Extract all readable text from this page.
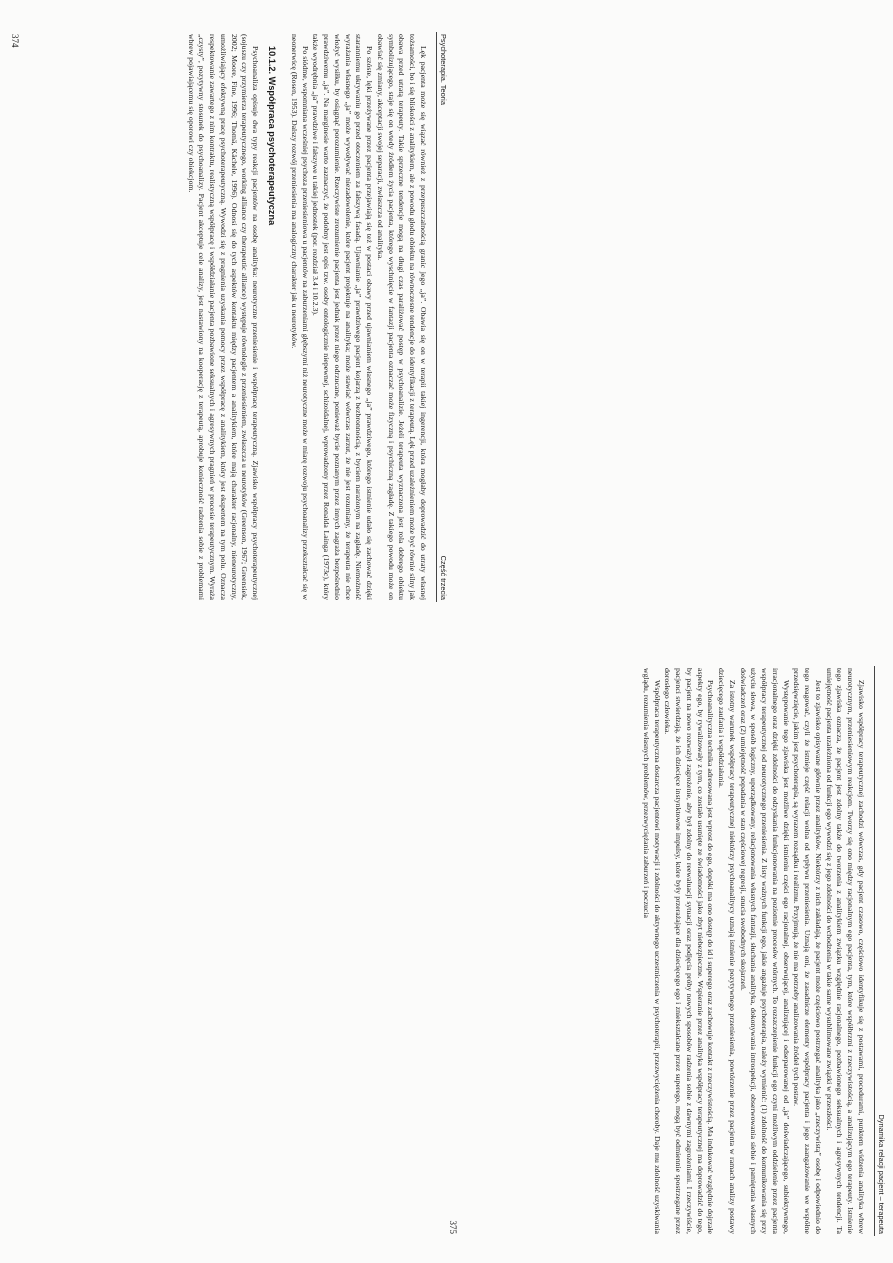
Psychoterapia. Teoria
Część trzecia

Lęk pacjenta może się wiązać również z przepuszczalnością granic jego „ja”. Obawia się on w terapii takiej ingerencji, która mogłaby doprowadzić do utraty własnej tożsamości, bo i się bliskości z analitykiem, ale z powodu głodu obiektu na równoczesne tendencje do identyfikacji z terapeutą. Lęk przed uzależnieniem może być równie silny jak obawa przed utratą terapeuty. Takie sprzeczne tendencje mogą na długi czas paraliżować postęp w psychoanalizie. Jeżeli terapeuta wyznaczona jest rola dobrego obiektu symbolizującego, staje się on wtedy źródłem życia pacjenta, którego wyschnięcie w fantazji pacjenta oznaczać może fizyczną i psychiczną zagładę. Z takiego powodu może on obawiać się zmiany, akceptacji swojej separacji, zwłaszcza od analityka.

Po szóste, lęki przeżywane przez pacjenta przejawiają się też w postaci obawy przed ujawnianiem własnego „ja” prawdziwego, którego istnienie udało się zachować dzięki staranniemu ukrywaniu go przed otoczeniem za fałszywą fasadą. Ujawnianie „ja” prawdziwego pacjent kojarzą z bezbronnością, z byciem narażonym na zagładę. Niemożność wyrażania własnego „ja” może wywoływać niezadowolenie, które pacjent projektuje na analityka; może stawiać wówczas zarzut, że nie jest rozumiany, że terapeuta nie chce włożyć wysiłku, by osiągnąć porozumienie. Rzeczywiste zrozumienie pacjenta jest jednak przez niego odrzucane, ponieważ bycie poznanym przez innych zagraża bezpośrednio prawdziwemu „ja”. Na marginesie warto zaznaczyć, że podobny jest opis tzw. osoby ontologicznie niepewnej, schizoidalnej, wprowadzony przez Ronalda Lainga (1973c), który także wyodrębnia „ja” prawdziwe i fałszywe u takiej jednostek (por. rozdział 3.4 i 10.2.3).

Po siódme, wspomniana wcześniej psychoza przeniesieniowa u pacjentów na zaburzeniami głębszymi niż neurotyczne może w miarę rozwoju psychoanalizy przekształcać się w neonerwicę (Rosen, 1953). Dalszy rozwój przeniesienia ma analogiczny charakter jak u neurotyków.

10.1.2. Współpraca psychoterapeutyczna

Psychoanaliza opisuje dwa typy reakcji pacjentów na osobę analityka: neurotyczne przeniesienie i współpracę terapeutyczną. Zjawisko współpracy psychoterapeutycznej (sojuszu czy przymierza terapeutycznego, working alliance czy therapeutic alliance) występuje równolegle z przeniesieniem, zwłaszcza u neurotyków (Greenson, 1967; Greensiek, 2002; Moore, Fine, 1996; Thomä, Kächele, 1996). Odnosi się do tych aspektów kontaktu między pacjentem a analitykiem, które mają charakter racjonalny, nieneurotyczny, umożliwiający efektywną pracę psychoterapeutyczną. Wywodzi się z pragnienia uzyskania pomocy przez współpracę z analitykiem, który jest ekspertem na tym polu. Oznacza respektowanie zawartego z nim kontraktu, realistyczną współpracę i współdziałanie pacjenta pozbawione seksualnych i agresywnych pragnień w procesie terapeutycznym. Wyraża „czysty”, pozytywny stosunek do psychoanalizy. Pacjent akceptuje cele analizy, jest nastawiony na kooperację z terapeutą, aprobuje konieczność radzenia sobie z problemami wbrew pojawiającemu się oporowi czy obiekcjom.

374
Dynamika relacji pacjent – terapeuta

Zjawisko współpracy terapeutycznej zachodzi wówczas, gdy pacjent czasowo, częściowo identyfikuje się z postawami, procedurami, punktem widzenia analityka wbrew neurotycznym, przeniesieniowym reakcjom. Tworzy się ono między racjonalnym ego pacjenta, tym, które współbrzmi z rzeczywistością, a analizującym ego terapeuty. Istnienie tego zjawiska oznacza, że pacjent jest zdolny także do tworzenia z analitykiem związku względnie racjonalnego, pozbawionego seksualnych i agresywnych tendencji. Ta umiejętność pacjenta uzależniona od funkcji ego wywodzi się z jego zdolności do wchodzenia w takie same wysublimowane związki w przeszłości.

Jest to zjawisko opisywane głównie przez analityków. Niektórzy z nich zakładają, że pacjent może częściowo postrzegać analityka jako „rzeczywistą” osobę i odpowiednio do tego reagować, czyli że istnieje część relacji wolna od wpływu przeniesienia. Uznają oni, że zasadnicze elementy współpracy pacjenta i jego zaangażowanie we współne przedsięwzięcie, jakim jest psychoterapia, są wyrazem rozsądku i realizmu. Przyjmują, że nie ma potrzeby analizowania źródeł tych postaw.

Występowanie tego zjawiska jest możliwe dzięki istnieniu części ego racjonalnej, obserwującej, analizującej i odseparowanej od „ja” doświadczającego, subiektywnego, irracjonalnego oraz dzięki zdolności do odzyskania funkcjonowania na poziomie procesów wtórnych. To rozszczepienie funkcji ego czyni możliwym oddzielenie przez pacjenta współpracy terapeutycznej od neurotycznego przeniesienia. Z listy ważnych funkcji ego, jakie angażuje psychoterapia, należy wymienić: (1) zdolność do komunikowania się przy użyciu słowa, w sposób logiczny, uporządkowany, relacjonowania własnych fantazji, słuchania analityka, dokonywania introspekcji, obserwowania siebie i pamiętania własnych doświadczeń oraz (2) umiejętność popadania w stan częściowej regresji, snucia swobodnych skojarzeń.

Za istotny warunek współpracy terapeutycznej niektórzy psychoanalitycy uznają istnienie pozytywnego przeniesienia, powtórzenie przez pacjenta w ramach analizy postawy dziecięcego zaufania i współdziałania.

Psychoanalityczna technika adresowana jest wprost do ego, dopóki ma ono dostęp do id i superego oraz zachowuje kontakt z rzeczywistością. Ma indukować względnie dojrzałe aspekty ego, by rywalizowały z tym, co zostało usunięte ze świadomości jako zbyt niebezpieczne. Wspieranie przez analityka współpracy terapeutycznej ma doprowadzić do tego, by pacjent na nowo rozważył zagrożenie, aby był zdolny do reewaluacji sytuacji oraz podjęcia próby nowych sposobów radzenia sobie z dawnymi zagrożeniami. I rzeczywiście, pacjenci stwierdzają, że ich dziecięce instynktowne impulsy, które były przerażające dla dziecięcego ego i zniekształcane przez superego, mogą być odmiennie spostrzegane przez dorosłego człowieka.

Współpraca terapeutyczna dostarcza pacjentowi motywacji i zdolności do aktywnego uczestniczenia w psychoterapii, przezwyciężenia choroby. Daje mu zdolność uzyskiwania wglądu, rozumienia własnych problemów, przezwyciężania zaburzeń i poczucia

375
